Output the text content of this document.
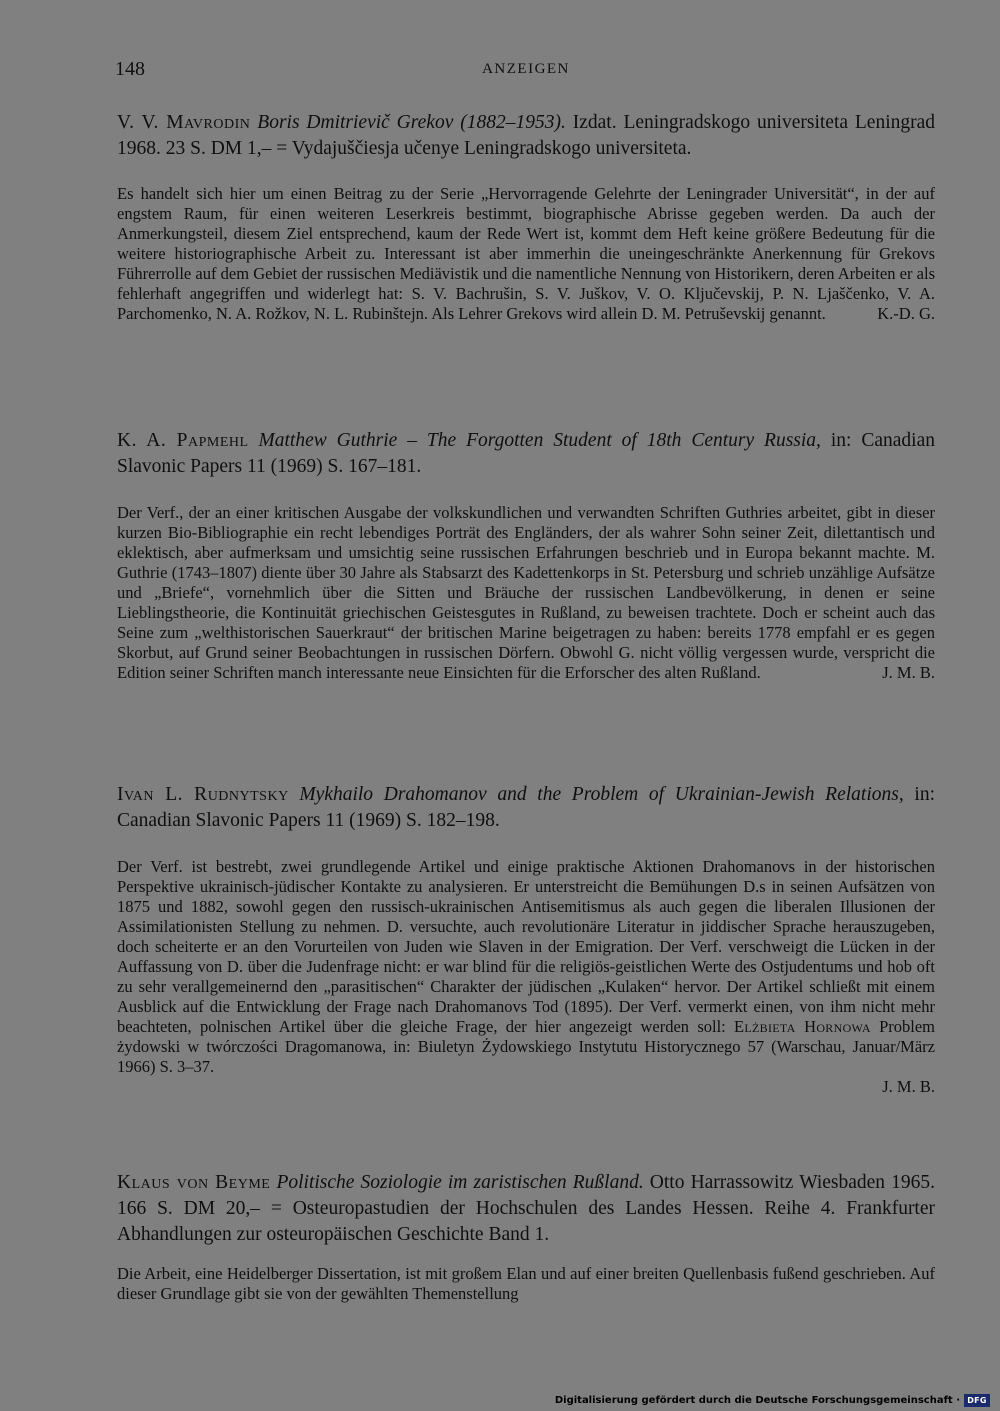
148	ANZEIGEN

V. V. Mavrodin Boris Dmitrievič Grekov (1882–1953). Izdat. Leningradskogo universiteta Leningrad 1968. 23 S. DM 1,– = Vydajuščiesja učenye Leningradskogo universiteta.

Es handelt sich hier um einen Beitrag zu der Serie „Hervorragende Gelehrte der Leningrader Universität“, in der auf engstem Raum, für einen weiteren Leserkreis bestimmt, biographische Abrisse gegeben werden. Da auch der Anmerkungsteil, diesem Ziel entsprechend, kaum der Rede Wert ist, kommt dem Heft keine größere Bedeutung für die weitere historiographische Arbeit zu. Interessant ist aber immerhin die uneingeschränkte Anerkennung für Grekovs Führerrolle auf dem Gebiet der russischen Mediävistik und die namentliche Nennung von Historikern, deren Arbeiten er als fehlerhaft angegriffen und widerlegt hat: S. V. Bachrušin, S. V. Juškov, V. O. Ključevskij, P. N. Ljaščenko, V. A. Parchomenko, N. A. Rožkov, N. L. Rubinštejn. Als Lehrer Grekovs wird allein D. M. Petruševskij genannt.	K.-D. G.

K. A. Papmehl Matthew Guthrie – The Forgotten Student of 18th Century Russia, in: Canadian Slavonic Papers 11 (1969) S. 167–181.

Der Verf., der an einer kritischen Ausgabe der volkskundlichen und verwandten Schriften Guthries arbeitet, gibt in dieser kurzen Bio-Bibliographie ein recht lebendiges Porträt des Engländers, der als wahrer Sohn seiner Zeit, dilettantisch und eklektisch, aber aufmerksam und umsichtig seine russischen Erfahrungen beschrieb und in Europa bekannt machte. M. Guthrie (1743–1807) diente über 30 Jahre als Stabsarzt des Kadettenkorps in St. Petersburg und schrieb unzählige Aufsätze und „Briefe“, vornehmlich über die Sitten und Bräuche der russischen Landbevölkerung, in denen er seine Lieblingstheorie, die Kontinuität griechischen Geistesgutes in Rußland, zu beweisen trachtete. Doch er scheint auch das Seine zum „welthistorischen Sauerkraut“ der britischen Marine beigetragen zu haben: bereits 1778 empfahl er es gegen Skorbut, auf Grund seiner Beobachtungen in russischen Dörfern. Obwohl G. nicht völlig vergessen wurde, verspricht die Edition seiner Schriften manch interessante neue Einsichten für die Erforscher des alten Rußland.	J. M. B.

Ivan L. Rudnytsky Mykhailo Drahomanov and the Problem of Ukrainian-Jewish Relations, in: Canadian Slavonic Papers 11 (1969) S. 182–198.

Der Verf. ist bestrebt, zwei grundlegende Artikel und einige praktische Aktionen Drahomanovs in der historischen Perspektive ukrainisch-jüdischer Kontakte zu analysieren. Er unterstreicht die Bemühungen D.s in seinen Aufsätzen von 1875 und 1882, sowohl gegen den russisch-ukrainischen Antisemitismus als auch gegen die liberalen Illusionen der Assimilationisten Stellung zu nehmen. D. versuchte, auch revolutionäre Literatur in jiddischer Sprache herauszugeben, doch scheiterte er an den Vorurteilen von Juden wie Slaven in der Emigration. Der Verf. verschweigt die Lücken in der Auffassung von D. über die Judenfrage nicht: er war blind für die religiös-geistlichen Werte des Ostjudentums und hob oft zu sehr verallgemeinernd den „parasitischen“ Charakter der jüdischen „Kulaken“ hervor. Der Artikel schließt mit einem Ausblick auf die Entwicklung der Frage nach Drahomanovs Tod (1895). Der Verf. vermerkt einen, von ihm nicht mehr beachteten, polnischen Artikel über die gleiche Frage, der hier angezeigt werden soll: Elżbieta Hornowa Problem żydowski w twórczości Dragomanowa, in: Biuletyn Żydowskiego Instytutu Historycznego 57 (Warschau, Januar/März 1966) S. 3–37.

J. M. B.

Klaus von Beyme Politische Soziologie im zaristischen Rußland. Otto Harrassowitz Wiesbaden 1965. 166 S. DM 20,– = Osteuropastudien der Hochschulen des Landes Hessen. Reihe 4. Frankfurter Abhandlungen zur osteuropäischen Geschichte Band 1.

Die Arbeit, eine Heidelberger Dissertation, ist mit großem Elan und auf einer breiten Quellenbasis fußend geschrieben. Auf dieser Grundlage gibt sie von der gewählten Themenstellung

Digitalisierung gefördert durch die Deutsche Forschungsgemeinschaft · DFG
